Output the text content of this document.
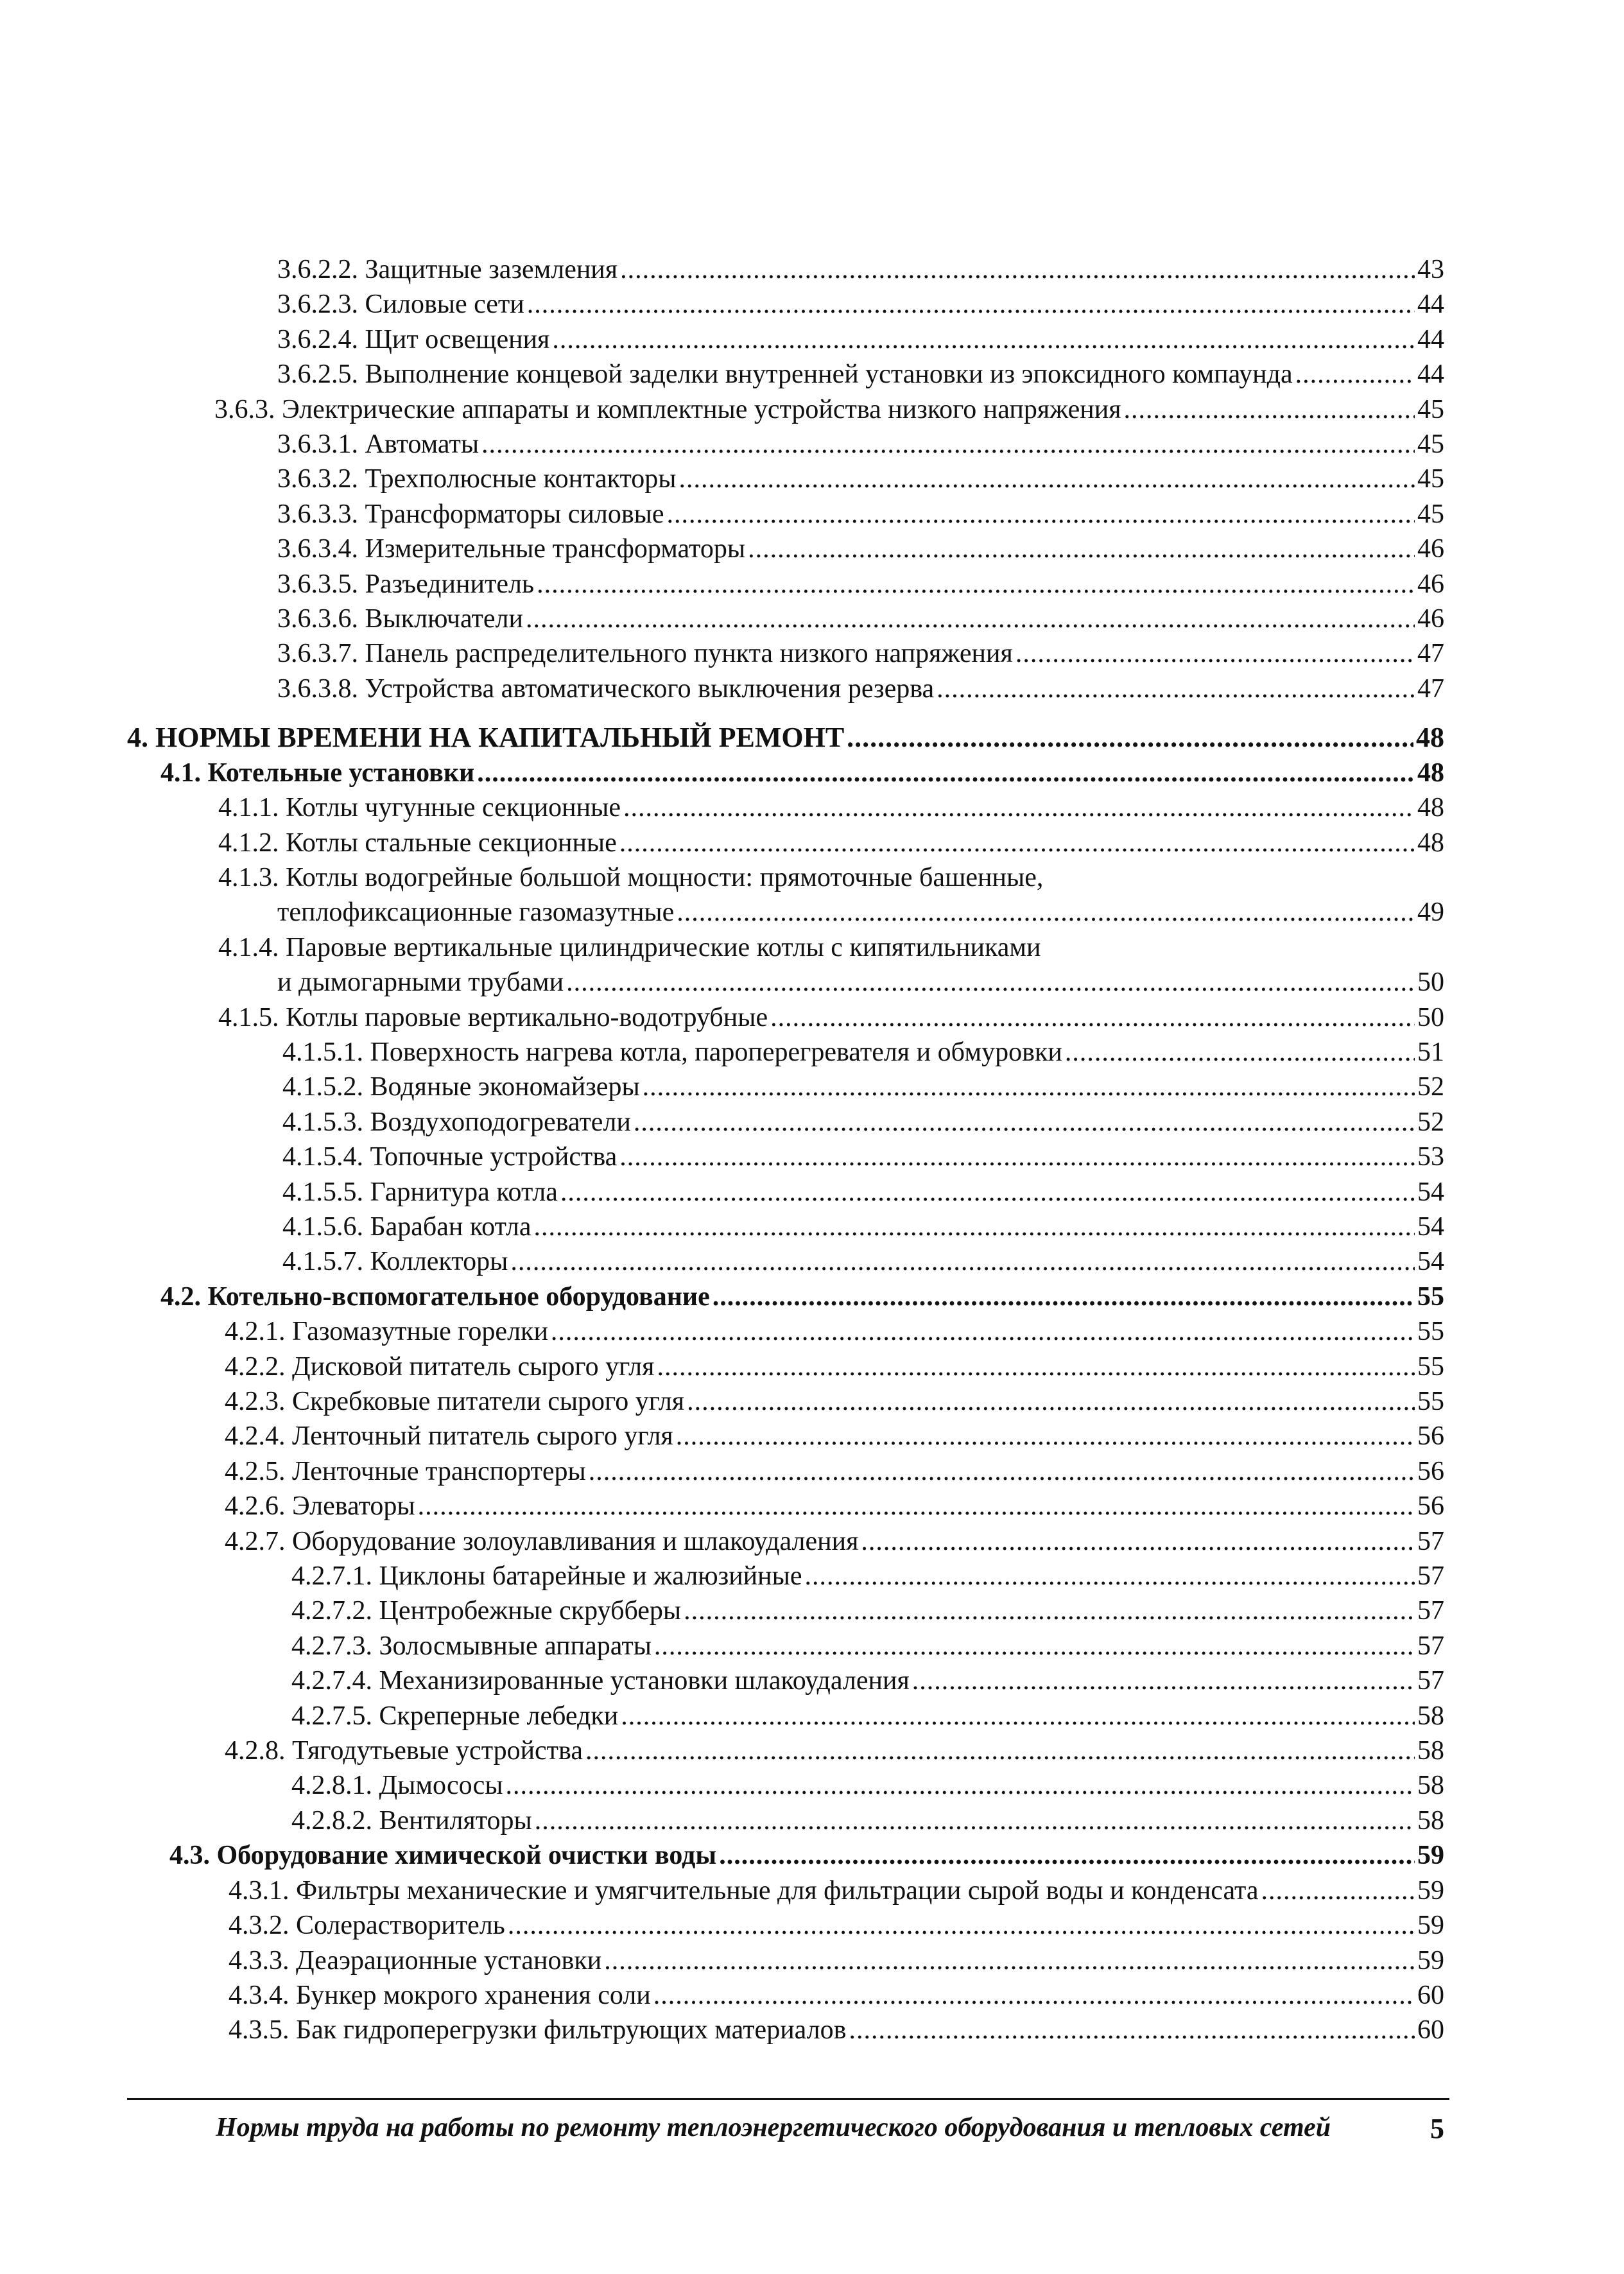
3.6.2.2. Защитные заземления .....	43
3.6.2.3. Силовые сети .....	44
3.6.2.4. Щит освещения .....	44
3.6.2.5. Выполнение концевой заделки внутренней установки из эпоксидного компаунда .....	44
3.6.3. Электрические аппараты и комплектные устройства низкого напряжения .....	45
3.6.3.1. Автоматы .....	45
3.6.3.2. Трехполюсные контакторы .....	45
3.6.3.3. Трансформаторы силовые .....	45
3.6.3.4. Измерительные трансформаторы .....	46
3.6.3.5. Разъединитель .....	46
3.6.3.6. Выключатели .....	46
3.6.3.7. Панель распределительного пункта низкого напряжения .....	47
3.6.3.8. Устройства автоматического выключения резерва .....	47
4. НОРМЫ ВРЕМЕНИ НА КАПИТАЛЬНЫЙ РЕМОНТ .....	48
4.1. Котельные установки .....	48
4.1.1. Котлы чугунные секционные .....	48
4.1.2. Котлы стальные секционные .....	48
4.1.3. Котлы водогрейные большой мощности: прямоточные башенные,
теплофиксационные газомазутные .....	49
4.1.4. Паровые вертикальные цилиндрические котлы с кипятильниками
и дымогарными трубами .....	50
4.1.5. Котлы паровые вертикально-водотрубные .....	50
4.1.5.1. Поверхность нагрева котла, пароперегревателя и обмуровки .....	51
4.1.5.2. Водяные экономайзеры .....	52
4.1.5.3. Воздухоподогреватели .....	52
4.1.5.4. Топочные устройства .....	53
4.1.5.5. Гарнитура котла .....	54
4.1.5.6. Барабан котла .....	54
4.1.5.7. Коллекторы .....	54
4.2. Котельно-вспомогательное оборудование .....	55
4.2.1. Газомазутные горелки .....	55
4.2.2. Дисковой питатель сырого угля .....	55
4.2.3. Скребковые питатели сырого угля .....	55
4.2.4. Ленточный питатель сырого угля .....	56
4.2.5. Ленточные транспортеры .....	56
4.2.6. Элеваторы .....	56
4.2.7. Оборудование золоулавливания и шлакоудаления .....	57
4.2.7.1. Циклоны батарейные и жалюзийные .....	57
4.2.7.2. Центробежные скрубберы .....	57
4.2.7.3. Золосмывные аппараты .....	57
4.2.7.4. Механизированные установки шлакоудаления .....	57
4.2.7.5. Скреперные лебедки .....	58
4.2.8. Тягодутьевые устройства .....	58
4.2.8.1. Дымососы .....	58
4.2.8.2. Вентиляторы .....	58
4.3. Оборудование химической очистки воды .....	59
4.3.1. Фильтры механические и умягчительные для фильтрации сырой воды и конденсата .....	59
4.3.2. Солерастворитель .....	59
4.3.3. Деаэрационные установки .....	59
4.3.4. Бункер мокрого хранения соли .....	60
4.3.5. Бак гидроперегрузки фильтрующих материалов .....	60
Нормы труда на работы по ремонту теплоэнергетического оборудования и тепловых сетей	5
